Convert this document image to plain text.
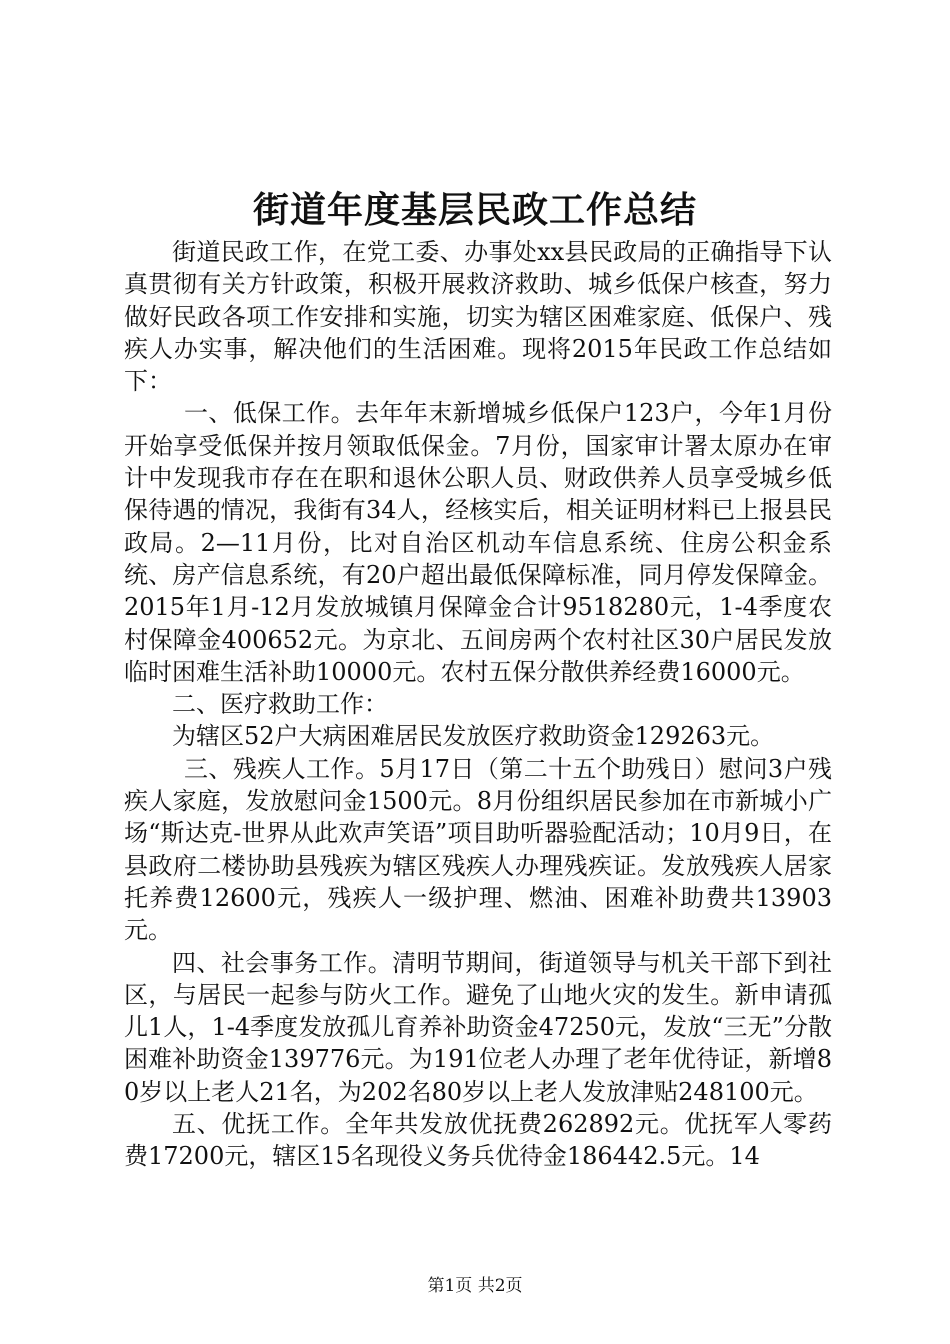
街道年度基层民政工作总结

街道民政工作，在党工委、办事处xx县民政局的正确指导下认真贯彻有关方针政策，积极开展救济救助、城乡低保户核查，努力做好民政各项工作安排和实施，切实为辖区困难家庭、低保户、残疾人办实事，解决他们的生活困难。现将2015年民政工作总结如下：

一、低保工作。去年年末新增城乡低保户123户，今年1月份开始享受低保并按月领取低保金。7月份，国家审计署太原办在审计中发现我市存在在职和退休公职人员、财政供养人员享受城乡低保待遇的情况，我街有34人，经核实后，相关证明材料已上报县民政局。2—11月份，比对自治区机动车信息系统、住房公积金系统、房产信息系统，有20户超出最低保障标准，同月停发保障金。2015年1月-12月发放城镇月保障金合计9518280元，1-4季度农村保障金400652元。为京北、五间房两个农村社区30户居民发放临时困难生活补助10000元。农村五保分散供养经费16000元。

二、医疗救助工作：

为辖区52户大病困难居民发放医疗救助资金129263元。

三、残疾人工作。5月17日（第二十五个助残日）慰问3户残疾人家庭，发放慰问金1500元。8月份组织居民参加在市新城小广场“斯达克-世界从此欢声笑语”项目助听器验配活动；10月9日，在县政府二楼协助县残疾为辖区残疾人办理残疾证。发放残疾人居家托养费12600元，残疾人一级护理、燃油、困难补助费共13903元。

四、社会事务工作。清明节期间，街道领导与机关干部下到社区，与居民一起参与防火工作。避免了山地火灾的发生。新申请孤儿1人，1-4季度发放孤儿育养补助资金47250元，发放“三无”分散困难补助资金139776元。为191位老人办理了老年优待证，新增80岁以上老人21名，为202名80岁以上老人发放津贴248100元。

五、优抚工作。全年共发放优抚费262892元。优抚军人零药费17200元，辖区15名现役义务兵优待金186442.5元。14

第1页 共2页
